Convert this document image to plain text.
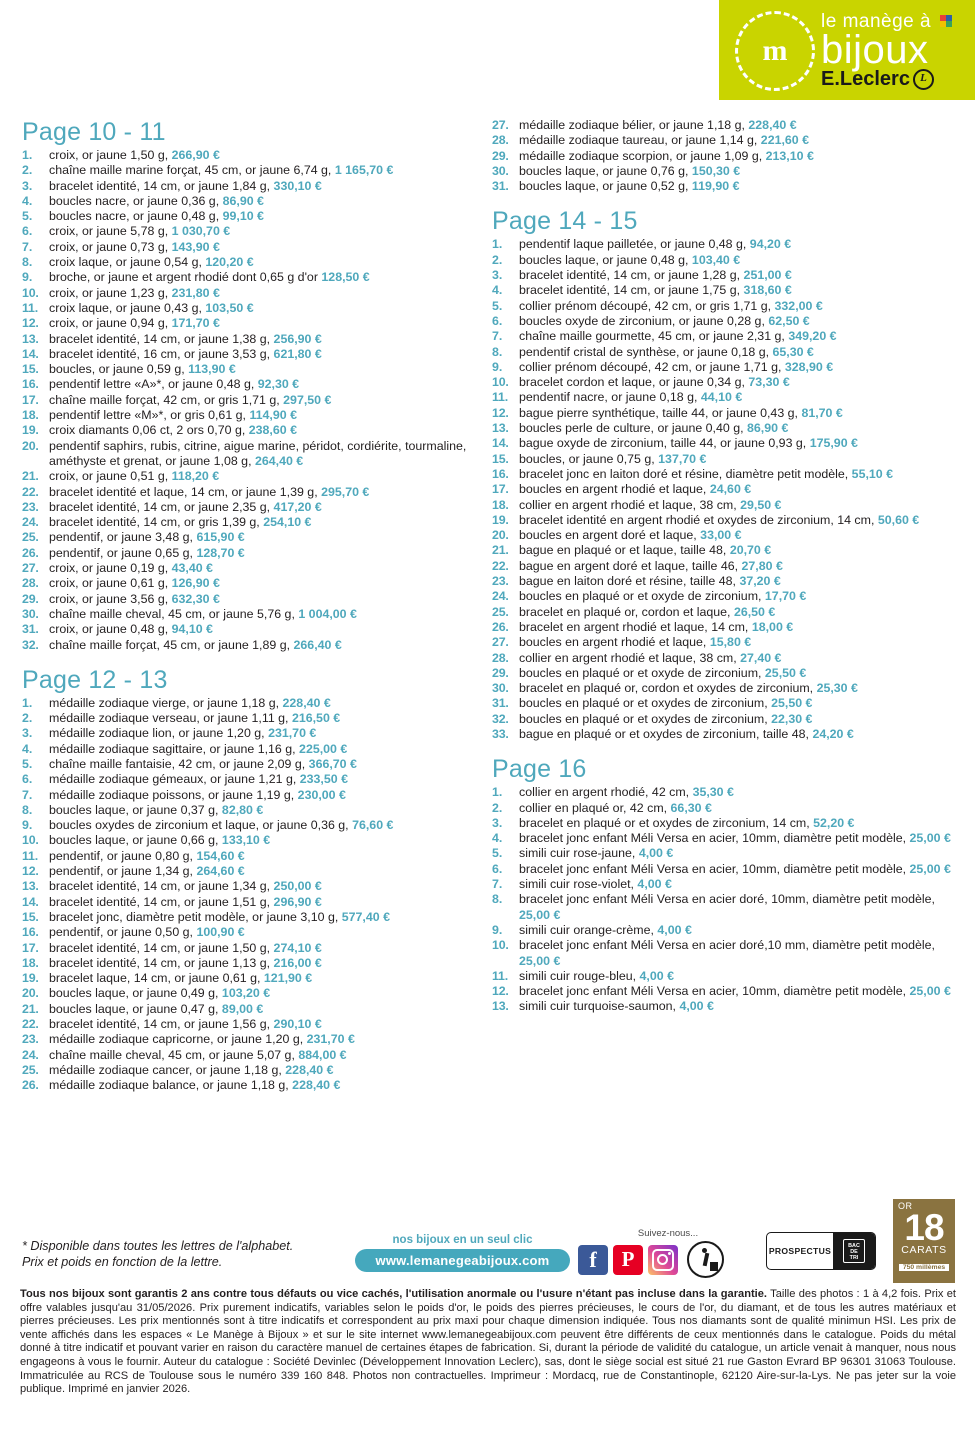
m
le manège à
bijoux
E.Leclerc L
Page 10 - 11
1.	croix, or jaune 1,50 g, 266,90 €
2.	chaîne maille marine forçat, 45 cm, or jaune 6,74 g, 1 165,70 €
3.	bracelet identité, 14 cm, or jaune 1,84 g, 330,10 €
4.	boucles nacre, or jaune 0,36 g, 86,90 €
5.	boucles nacre, or jaune 0,48 g, 99,10 €
6.	croix, or jaune 5,78 g, 1 030,70 €
7.	croix, or jaune 0,73 g, 143,90 €
8.	croix laque, or jaune 0,54 g, 120,20 €
9.	broche, or jaune et argent rhodié dont 0,65 g d'or 128,50 €
10. croix, or jaune 1,23 g, 231,80 €
11. croix laque, or jaune 0,43 g, 103,50 €
12. croix, or jaune 0,94 g, 171,70 €
13. bracelet identité, 14 cm, or jaune 1,38 g, 256,90 €
14. bracelet identité, 16 cm, or jaune 3,53 g, 621,80 €
15. boucles, or jaune 0,59 g, 113,90 €
16. pendentif lettre «A»*, or jaune 0,48 g, 92,30 €
17. chaîne maille forçat, 42 cm, or gris 1,71 g, 297,50 €
18. pendentif lettre «M»*, or gris 0,61 g, 114,90 €
19. croix diamants 0,06 ct, 2 ors 0,70 g, 238,60 €
20. pendentif saphirs, rubis, citrine, aigue marine, péridot, cordiérite, tourmaline, améthyste et grenat, or jaune 1,08 g, 264,40 €
21. croix, or jaune 0,51 g, 118,20 €
22. bracelet identité et laque, 14 cm, or jaune 1,39 g, 295,70 €
23. bracelet identité, 14 cm, or jaune 2,35 g, 417,20 €
24. bracelet identité, 14 cm, or gris 1,39 g, 254,10 €
25. pendentif, or jaune 3,48 g, 615,90 €
26. pendentif, or jaune 0,65 g, 128,70 €
27. croix, or jaune 0,19 g, 43,40 €
28. croix, or jaune 0,61 g, 126,90 €
29. croix, or jaune 3,56 g, 632,30 €
30. chaîne maille cheval, 45 cm, or jaune 5,76 g, 1 004,00 €
31. croix, or jaune 0,48 g, 94,10 €
32. chaîne maille forçat, 45 cm, or jaune 1,89 g, 266,40 €
Page 12 - 13
1.	médaille zodiaque vierge, or jaune 1,18 g, 228,40 €
2.	médaille zodiaque verseau, or jaune 1,11 g, 216,50 €
3.	médaille zodiaque lion, or jaune 1,20 g, 231,70 €
4.	médaille zodiaque sagittaire, or jaune 1,16 g, 225,00 €
5.	chaîne maille fantaisie, 42 cm, or jaune 2,09 g, 366,70 €
6.	médaille zodiaque gémeaux, or jaune 1,21 g, 233,50 €
7.	médaille zodiaque poissons, or jaune 1,19 g, 230,00 €
8.	boucles laque, or jaune 0,37 g, 82,80 €
9.	boucles oxydes de zirconium et laque, or jaune 0,36 g, 76,60 €
10. boucles laque, or jaune 0,66 g, 133,10 €
11. pendentif, or jaune 0,80 g, 154,60 €
12. pendentif, or jaune 1,34 g, 264,60 €
13. bracelet identité, 14 cm, or jaune 1,34 g, 250,00 €
14. bracelet identité, 14 cm, or jaune 1,51 g, 296,90 €
15. bracelet jonc, diamètre petit modèle, or jaune 3,10 g, 577,40 €
16. pendentif, or jaune 0,50 g, 100,90 €
17. bracelet identité, 14 cm, or jaune 1,50 g, 274,10 €
18. bracelet identité, 14 cm, or jaune 1,13 g, 216,00 €
19. bracelet laque, 14 cm, or jaune 0,61 g, 121,90 €
20. boucles laque, or jaune 0,49 g, 103,20 €
21. boucles laque, or jaune 0,47 g, 89,00 €
22. bracelet identité, 14 cm, or jaune 1,56 g, 290,10 €
23. médaille zodiaque capricorne, or jaune 1,20 g, 231,70 €
24. chaîne maille cheval, 45 cm, or jaune 5,07 g, 884,00 €
25. médaille zodiaque cancer, or jaune 1,18 g, 228,40 €
26. médaille zodiaque balance, or jaune 1,18 g, 228,40 €
27. médaille zodiaque bélier, or jaune 1,18 g, 228,40 €
28. médaille zodiaque taureau, or jaune 1,14 g, 221,60 €
29. médaille zodiaque scorpion, or jaune 1,09 g, 213,10 €
30. boucles laque, or jaune 0,76 g, 150,30 €
31. boucles laque, or jaune 0,52 g, 119,90 €
Page 14 - 15
1.	pendentif laque pailletée, or jaune 0,48 g, 94,20 €
2.	boucles laque, or jaune 0,48 g, 103,40 €
3.	bracelet identité, 14 cm, or jaune 1,28 g, 251,00 €
4.	bracelet identité, 14 cm, or jaune 1,75 g, 318,60 €
5.	collier prénom découpé, 42 cm, or gris 1,71 g, 332,00 €
6.	boucles oxyde de zirconium, or jaune 0,28 g, 62,50 €
7.	chaîne maille gourmette, 45 cm, or jaune 2,31 g, 349,20 €
8.	pendentif cristal de synthèse, or jaune 0,18 g, 65,30 €
9.	collier prénom découpé, 42 cm, or jaune 1,71 g, 328,90 €
10. bracelet cordon et laque, or jaune 0,34 g, 73,30 €
11. pendentif nacre, or jaune 0,18 g, 44,10 €
12. bague pierre synthétique, taille 44, or jaune 0,43 g, 81,70 €
13. boucles perle de culture, or jaune 0,40 g, 86,90 €
14. bague oxyde de zirconium, taille 44, or jaune 0,93 g, 175,90 €
15. boucles, or jaune 0,75 g, 137,70 €
16. bracelet jonc en laiton doré et résine, diamètre petit modèle, 55,10 €
17. boucles en argent rhodié et laque, 24,60 €
18. collier en argent rhodié et laque, 38 cm, 29,50 €
19. bracelet identité en argent rhodié et oxydes de zirconium, 14 cm, 50,60 €
20. boucles en argent doré et laque, 33,00 €
21. bague en plaqué or et laque, taille 48, 20,70 €
22. bague en argent doré et laque, taille 46, 27,80 €
23. bague en laiton doré et résine, taille 48, 37,20 €
24. boucles en plaqué or et oxyde de zirconium, 17,70 €
25. bracelet en plaqué or, cordon et laque, 26,50 €
26. bracelet en argent rhodié et laque, 14 cm, 18,00 €
27. boucles en argent rhodié et laque, 15,80 €
28. collier en argent rhodié et laque, 38 cm, 27,40 €
29. boucles en plaqué or et oxyde de zirconium, 25,50 €
30. bracelet en plaqué or, cordon et oxydes de zirconium, 25,30 €
31. boucles en plaqué or et oxydes de zirconium, 25,50 €
32. boucles en plaqué or et oxydes de zirconium, 22,30 €
33. bague en plaqué or et oxydes de zirconium, taille 48, 24,20 €
Page 16
1.	collier en argent rhodié, 42 cm, 35,30 €
2.	collier en plaqué or, 42 cm, 66,30 €
3.	bracelet en plaqué or et oxydes de zirconium, 14 cm, 52,20 €
4.	bracelet jonc enfant Méli Versa en acier, 10mm, diamètre petit modèle, 25,00 €
5.	simili cuir rose-jaune, 4,00 €
6.	bracelet jonc enfant Méli Versa en acier, 10mm, diamètre petit modèle, 25,00 €
7.	simili cuir rose-violet, 4,00 €
8.	bracelet jonc enfant Méli Versa en acier doré, 10mm, diamètre petit modèle, 25,00 €
9.	simili cuir orange-crème, 4,00 €
10. bracelet jonc enfant Méli Versa en acier doré,10 mm, diamètre petit modèle, 25,00 €
11. simili cuir rouge-bleu, 4,00 €
12. bracelet jonc enfant Méli Versa en acier, 10mm, diamètre petit modèle, 25,00 €
13. simili cuir turquoise-saumon, 4,00 €
* Disponible dans toutes les lettres de l'alphabet.
Prix et poids en fonction de la lettre.
nos bijoux en un seul clic
www.lemanegeabijoux.com
Suivez-nous...
f	P	PROSPECTUS	BAC
DE
TRI
OR
18
CARATS
750 millèmes
Tous nos bijoux sont garantis 2 ans contre tous défauts ou vice cachés, l'utilisation anormale ou l'usure n'étant pas incluse dans la garantie. Taille des photos : 1 à 4,2 fois. Prix et offre valables jusqu'au 31/05/2026. Prix purement indicatifs, variables selon le poids d'or, le poids des pierres précieuses, le cours de l'or, du diamant, et de tous les autres matériaux et pierres précieuses. Les prix mentionnés sont à titre indicatifs et correspondent au prix maxi pour chaque dimension indiquée. Tous nos diamants sont de qualité minimun HSI. Les prix de vente affichés dans les espaces « Le Manège à Bijoux » et sur le site internet www.lemanegeabijoux.com peuvent être différents de ceux mentionnés dans le catalogue. Poids du métal donné à titre indicatif et pouvant varier en raison du caractère manuel de certaines étapes de fabrication. Si, durant la période de validité du catalogue, un article venait à manquer, nous nous engageons à vous le fournir. Auteur du catalogue : Société Devinlec (Développement Innovation Leclerc), sas, dont le siège social est situé 21 rue Gaston Evrard BP 96301 31063 Toulouse. Immatriculée au RCS de Toulouse sous le numéro 339 160 848. Photos non contractuelles. Imprimeur : Mordacq, rue de Constantinople, 62120 Aire-sur-la-Lys. Ne pas jeter sur la voie publique. Imprimé en janvier 2026.
